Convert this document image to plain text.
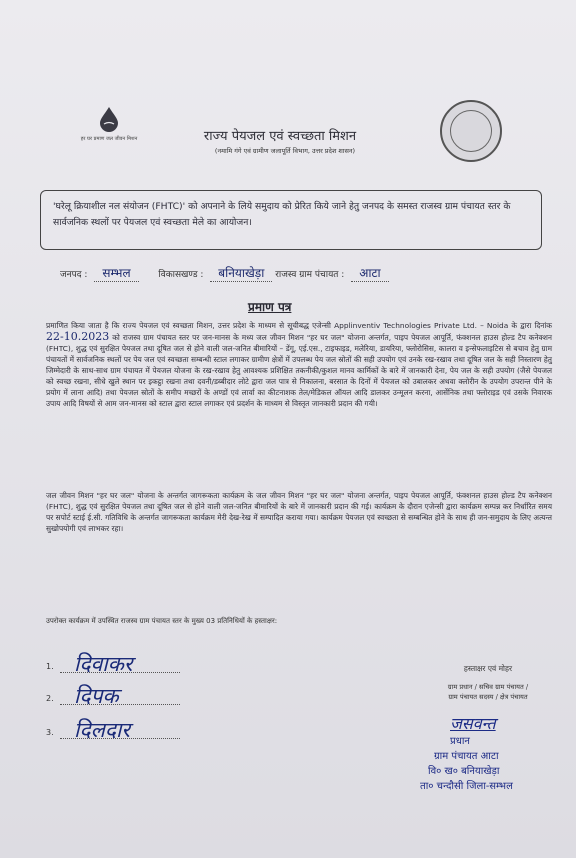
हर घर प्रमाण जल जीवन मिशन	राज्य पेयजल एवं स्वच्छता मिशन
(नमामि गंगे एवं ग्रामीण जलापूर्ति विभाग, उत्तर प्रदेश शासन)
'घरेलू क्रियाशील नल संयोजन (FHTC)' को अपनाने के लिये समुदाय को प्रेरित किये जाने हेतु जनपद के समस्त राजस्व ग्राम पंचायत स्तर के सार्वजनिक स्थलों पर पेयजल एवं स्वच्छता मेले का आयोजन।
जनपद : सम्भल	विकासखण्ड : बनियाखेड़ा राजस्व ग्राम पंचायत : आटा
प्रमाण पत्र
प्रमाणित किया जाता है कि राज्य पेयजल एवं स्वच्छता मिशन, उत्तर प्रदेश के माध्यम से सूचीबद्ध एजेन्सी Applinventiv Technologies Private Ltd. – Noida के द्वारा दिनांक 22-10.2023 को राजस्व ग्राम पंचायत स्तर पर जन-मानस के मध्य जल जीवन मिशन "हर घर जल" योजना अन्तर्गत, पाइप पेयजल आपूर्ति, फंक्शनल हाउस होल्ड टैप कनेक्शन (FHTC), शुद्ध एवं सुरक्षित पेयजल तथा दूषित जल से होने वाली जल-जनित बीमारियों – डेंगू, एई.एस., टाइफाइड, मलेरिया, डायरिया, फ्लोरोसिस, कालरा व इन्सेफलाइटिस से बचाव हेतु ग्राम पंचायतों में सार्वजनिक स्थलों पर पेय जल एवं स्वच्छता सम्बन्धी स्टाल लगाकर ग्रामीण क्षेत्रों में उपलब्ध पेय जल स्रोतों की सही उपयोग एवं उनके रख-रखाव तथा दूषित जल के सही निस्तारण हेतु जिम्मेदारी के साथ-साथ ग्राम पंचायत में पेयजल योजना के रख-रखाव हेतु आवश्यक प्रशिक्षित तकनीकी/कुशल मानव कार्मिकों के बारे में जानकारी देना, पेय जल के सही उपयोग (जैसे पेयजल को स्वच्छ रखना, सीधे खुले स्थान पर इकट्ठा रखना तथा दवनी/डब्बीदार लोटे द्वारा जल पात्र से निकालना, बरसात के दिनों में पेयजल को उबालकर अथवा क्लोरीन के उपयोग उपरान्त पीने के प्रयोग में लाना आदि) तथा पेयजल स्रोतों के समीप मच्छरों के अण्डों एवं लार्वा का कीटनाशक तेल/मेडिकल ऑयल आदि डालकर उन्मूलन करना, आर्सेनिक तथा फ्लोराइड एवं उसके निवारक उपाय आदि विषयों से आम जन-मानस को स्टाल द्वारा स्टाल लगाकर एवं प्रदर्शन के माध्यम से विस्तृत जानकारी प्रदान की गयी।
जल जीवन मिशन "हर घर जल" योजना के अन्तर्गत जागरूकता कार्यक्रम के जल जीवन मिशन "हर घर जल" योजना अन्तर्गत, पाइप पेयजल आपूर्ति, फंक्शनल हाउस होल्ड टैप कनेक्शन (FHTC), शुद्ध एवं सुरक्षित पेयजल तथा दूषित जल से होने वाली जल-जनित बीमारियों के बारे में जानकारी प्रदान की गई। कार्यक्रम के दौरान एजेन्सी द्वारा कार्यक्रम सम्पन्न कर निर्धारित समय पर सपोर्ट स्टाई ई.सी. गतिविधि के अन्तर्गत जागरूकता कार्यक्रम मेरी देख-रेख में सम्पादित कराया गया। कार्यक्रम पेयजल एवं स्वच्छता से सम्बन्धित होने के साथ ही जन-समुदाय के लिए अत्यन्त सुखोपयोगी एवं लाभकर रहा।
उपरोक्त कार्यक्रम में उपस्थित राजस्व ग्राम पंचायत स्तर के मुख्य 03 प्रतिनिधियों के हस्ताक्षर:
1. दिवाकर
2. दिपक
3. दिलदार
हस्ताक्षर एवं मोहर
ग्राम प्रधान / सचिव ग्राम पंचायत /
ग्राम पंचायत सदस्य / क्षेत्र पंचायत
जसवन्त
प्रधान
ग्राम पंचायत आटा
वि० ख० बनियाखेड़ा
ता० चन्दौसी जिला-सम्भल
